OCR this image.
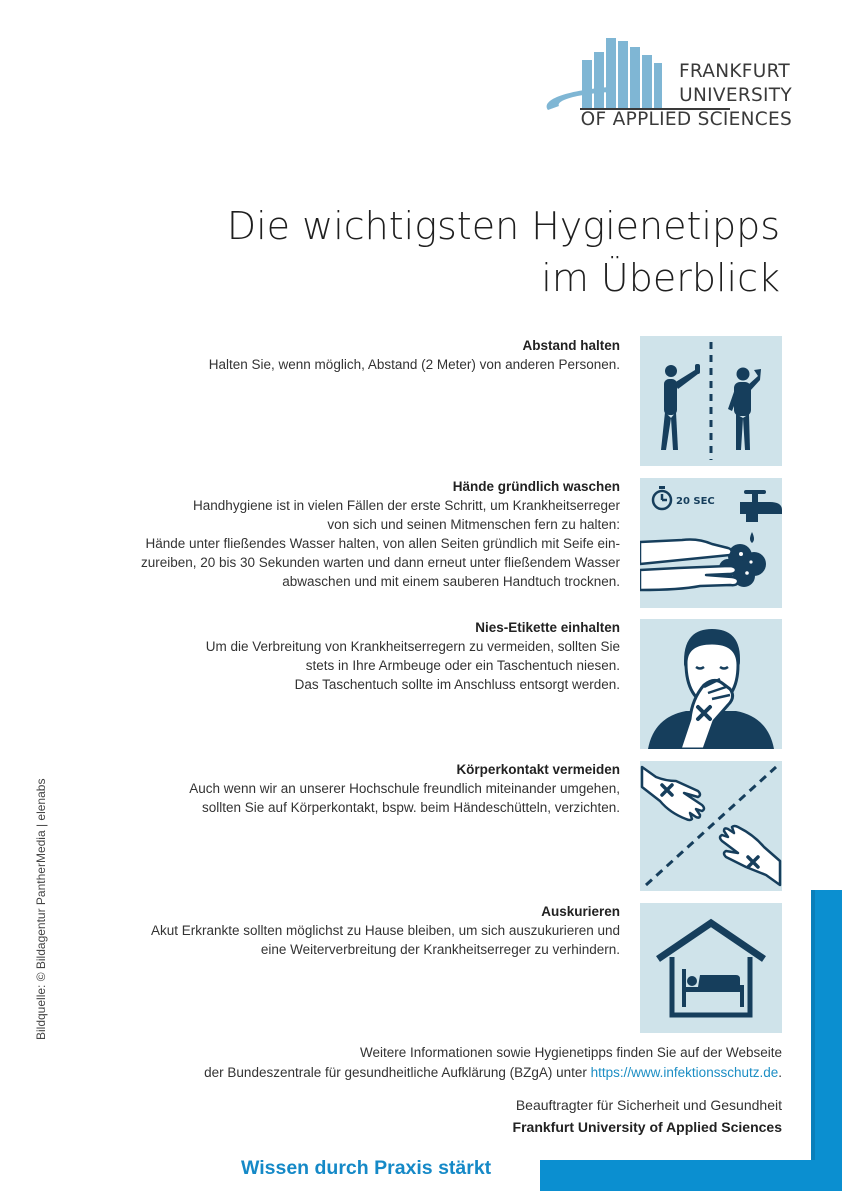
FRANKFURT
UNIVERSITY
OF APPLIED SCIENCES
Die wichtigsten Hygienetipps
im Überblick
Abstand halten
Halten Sie, wenn möglich, Abstand (2 Meter) von anderen Personen.
Hände gründlich waschen
Handhygiene ist in vielen Fällen der erste Schritt, um Krankheitserreger
von sich und seinen Mitmenschen fern zu halten:
Hände unter fließendes Wasser halten, von allen Seiten gründlich mit Seife ein-
zureiben, 20 bis 30 Sekunden warten und dann erneut unter fließendem Wasser
abwaschen und mit einem sauberen Handtuch trocknen.
20 SEC
Nies-Etikette einhalten
Um die Verbreitung von Krankheitserregern zu vermeiden, sollten Sie
stets in Ihre Armbeuge oder ein Taschentuch niesen.
Das Taschentuch sollte im Anschluss entsorgt werden.
Körperkontakt vermeiden
Auch wenn wir an unserer Hochschule freundlich miteinander umgehen,
sollten Sie auf Körperkontakt, bspw. beim Händeschütteln, verzichten.
Auskurieren
Akut Erkrankte sollten möglichst zu Hause bleiben, um sich auszukurieren und
eine Weiterverbreitung der Krankheitserreger zu verhindern.
Bildquelle: © Bildagentur PantherMedia | elenabs
Weitere Informationen sowie Hygienetipps finden Sie auf der Webseite
der Bundeszentrale für gesundheitliche Aufklärung (BZgA) unter https://www.infektionsschutz.de.
Beauftragter für Sicherheit und Gesundheit
Frankfurt University of Applied Sciences
Wissen durch Praxis stärkt
